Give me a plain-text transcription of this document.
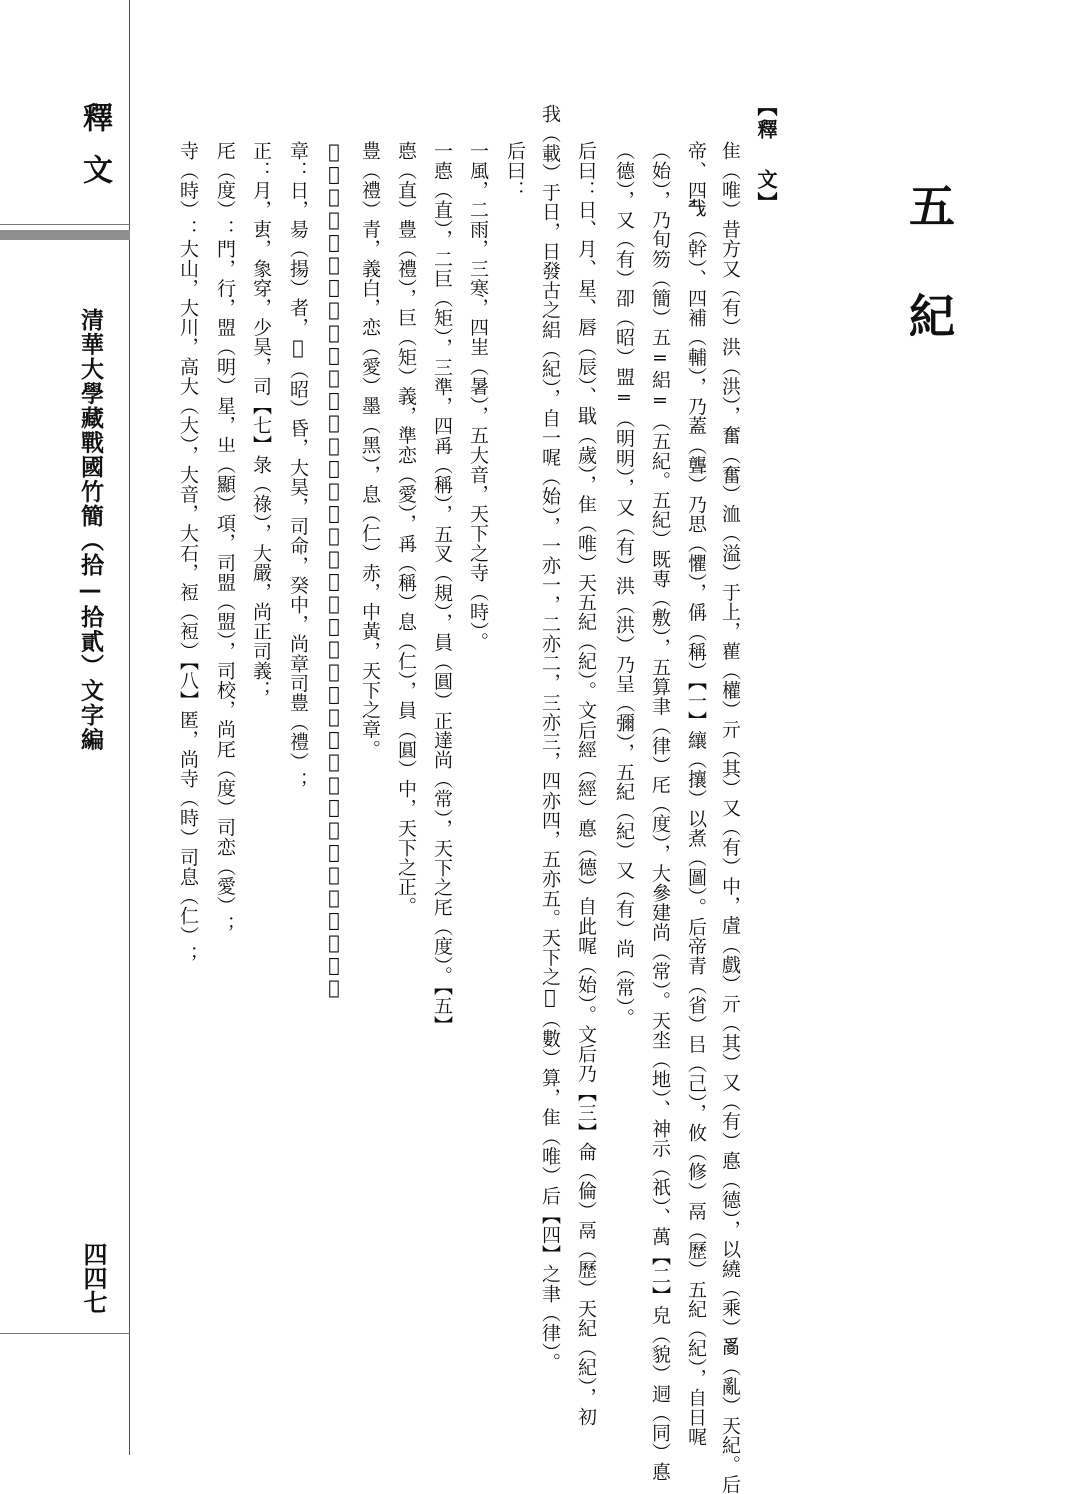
釋文
清華大學藏戰國竹簡（拾—拾貳）文字編
四四七
五紀
【釋 文】
隹（唯）昔方又（有）洪（洪），奮（奮）洫（溢）于上，雚（權）亓（其）又（有）中，虘（戲）亓（其）又（有）悳（德），以繞（乘）𤔔（亂）天紀。后
帝、四𢦔（幹）、四補（輔），乃蓋（聾）乃思（懼），偁（稱）【一】纕（攘）以煮（圖）。后帝青（省）㠯（己），攸（修）鬲（歷）五紀（紀），自日𠳿
（始），乃旬笏（簡）五=絽=（五紀。五紀）既専（敷），五算聿（律）厇（度），大參建尚（常）。天坔（地）、神示（祇）、萬【二】皃（貌）迵（同）悳
（德），又（有）卲（昭）盟=（明明），又（有）洪（洪）乃呈（彌），五紀（紀）又（有）尚（常）。
后曰：日、月、星、唇（辰）、戢（歲），隹（唯）天五紀（紀）。文后經（經）悳（德）自此𠳿（始）。文后乃【三】侖（倫）鬲（歷）天紀（紀），初
我（載）于日，日發古之絽（紀），自一𠳿（始），一亦一，二亦二，三亦三，四亦四，五亦五。天下之𢿱（數）算，隹（唯）后【四】之聿（律）。
后曰：
一風，二雨，三寒，四㞷（暑），五大音，天下之寺（時）。
一㥁（直），二巨（矩），三準，四爯（稱），五叉（規），員（圓）正達尚（常），天下之厇（度）。【五】
㥁（直）豊（禮），巨（矩）義，準恋（愛），爯（稱）息（仁），員（圓）中，天下之正。
豊（禮）青，義白，恋（愛）墨（黑），息（仁）赤，中黃，天下之章。
𢿱（數）算，寺（時），厇（度），【六】正，章，隹（唯）神之尚，示（祇）之司。
章：日，昜（揚）者，𤍽（昭）昏，大昊，司命，癸中，尚章司豊（禮）；
正：月，叀，𧰼穿，少昊，司【七】彔（祿），大嚴，尚正司義；
厇（度）：門，行，盟（明）星，㞢（顯）項，司盟（盟），司校，尚厇（度）司恋（愛）；
寺（時）：大山，大川，高大（大），大音，大石，裋（裋）【八】匿，尚寺（時）司息（仁）；
